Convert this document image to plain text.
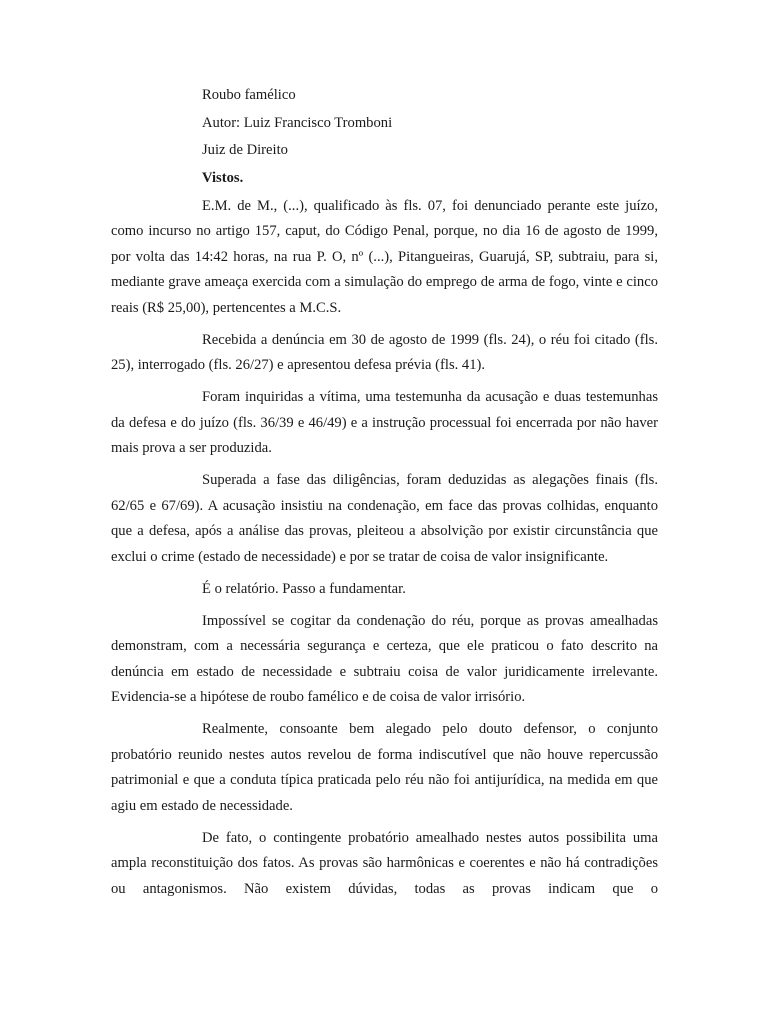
Roubo famélico
Autor: Luiz Francisco Tromboni
Juiz de Direito
Vistos.

E.M. de M., (...), qualificado às fls. 07, foi denunciado perante este juízo, como incurso no artigo 157, caput, do Código Penal, porque, no dia 16 de agosto de 1999, por volta das 14:42 horas, na rua P. O, nº (...), Pitangueiras, Guarujá, SP, subtraiu, para si, mediante grave ameaça exercida com a simulação do emprego de arma de fogo, vinte e cinco reais (R$ 25,00), pertencentes a M.C.S.

Recebida a denúncia em 30 de agosto de 1999 (fls. 24), o réu foi citado (fls. 25), interrogado (fls. 26/27) e apresentou defesa prévia (fls. 41).

Foram inquiridas a vítima, uma testemunha da acusação e duas testemunhas da defesa e do juízo (fls. 36/39 e 46/49) e a instrução processual foi encerrada por não haver mais prova a ser produzida.

Superada a fase das diligências, foram deduzidas as alegações finais (fls. 62/65 e 67/69). A acusação insistiu na condenação, em face das provas colhidas, enquanto que a defesa, após a análise das provas, pleiteou a absolvição por existir circunstância que exclui o crime (estado de necessidade) e por se tratar de coisa de valor insignificante.

É o relatório. Passo a fundamentar.

Impossível se cogitar da condenação do réu, porque as provas amealhadas demonstram, com a necessária segurança e certeza, que ele praticou o fato descrito na denúncia em estado de necessidade e subtraiu coisa de valor juridicamente irrelevante. Evidencia-se a hipótese de roubo famélico e de coisa de valor irrisório.

Realmente, consoante bem alegado pelo douto defensor, o conjunto probatório reunido nestes autos revelou de forma indiscutível que não houve repercussão patrimonial e que a conduta típica praticada pelo réu não foi antijurídica, na medida em que agiu em estado de necessidade.

De fato, o contingente probatório amealhado nestes autos possibilita uma ampla reconstituição dos fatos. As provas são harmônicas e coerentes e não há contradições ou antagonismos. Não existem dúvidas, todas as provas indicam que o
